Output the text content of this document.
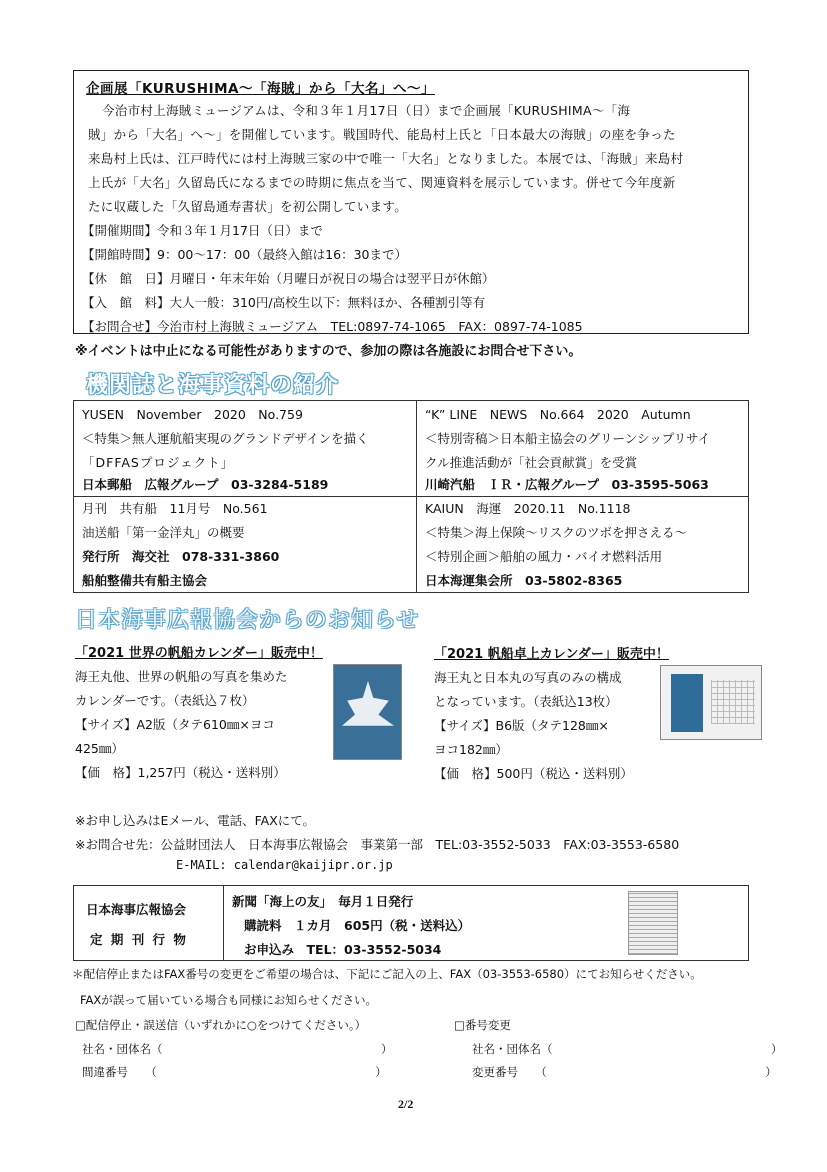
企画展「KURUSHIMA～「海賊」から「大名」へ～」
今治市村上海賊ミュージアムは、令和３年１月17日（日）まで企画展「KURUSHIMA～「海
賊」から「大名」へ～」を開催しています。戦国時代、能島村上氏と「日本最大の海賊」の座を争った
来島村上氏は、江戸時代には村上海賊三家の中で唯一「大名」となりました。本展では、「海賊」来島村
上氏が「大名」久留島氏になるまでの時期に焦点を当て、関連資料を展示しています。併せて今年度新
たに収蔵した「久留島通寿書状」を初公開しています。
【開催期間】令和３年１月17日（日）まで
【開館時間】9：00～17：00（最終入館は16：30まで）
【休　館　日】月曜日・年末年始（月曜日が祝日の場合は翌平日が休館）
【入　館　料】大人一般：310円/高校生以下：無料ほか、各種割引等有
【お問合せ】今治市村上海賊ミュージアム　TEL:0897-74-1065　FAX：0897-74-1085
※イベントは中止になる可能性がありますので、参加の際は各施設にお問合せ下さい。
機関誌と海事資料の紹介
YUSEN　November　2020　No.759
＜特集＞無人運航船実現のグランドデザインを描く
「DFFASプロジェクト」
日本郵船　広報グループ　03-3284-5189
“K” LINE　NEWS　No.664　2020　Autumn
＜特別寄稿＞日本船主協会のグリーンシップリサイ
クル推進活動が「社会貢献賞」を受賞
川崎汽船　ＩＲ・広報グループ　03-3595-5063
月刊　共有船　11月号　No.561
油送船「第一金洋丸」の概要
発行所　海交社　078-331-3860
船舶整備共有船主協会
KAIUN　海運　2020.11　No.1118
＜特集＞海上保険～リスクのツボを押さえる～
＜特別企画＞船舶の風力・バイオ燃料活用
日本海運集会所　03-5802-8365
日本海事広報協会からのお知らせ
「2021 世界の帆船カレンダー」販売中！
海王丸他、世界の帆船の写真を集めた
カレンダーです。（表紙込７枚）
【サイズ】A2版（タテ610㎜×ヨコ
425㎜）
【価　格】1,257円（税込・送料別）
「2021 帆船卓上カレンダー」販売中！
海王丸と日本丸の写真のみの構成
となっています。（表紙込13枚）
【サイズ】B6版（タテ128㎜×
ヨコ182㎜）
【価　格】500円（税込・送料別）
※お申し込みはEメール、電話、FAXにて。
※お問合せ先：公益財団法人　日本海事広報協会　事業第一部　TEL:03-3552-5033　FAX:03-3553-6580
E-MAIL: calendar@kaijipr.or.jp
日本海事広報協会
定 期 刊 行 物
新聞「海上の友」　毎月１日発行
購読料　１カ月　605円（税・送料込）
お申込み　TEL：03-3552-5034
＊配信停止またはFAX番号の変更をご希望の場合は、下記にご記入の上、FAX（03-3553-6580）にてお知らせください。
FAXが誤って届いている場合も同様にお知らせください。
□配信停止・誤送信（いずれかに○をつけてください。）
社名・団体名（　　　　　　　　　　　　　　　　　　　）
間違番号　　（　　　　　　　　　　　　　　　　　　　）
□番号変更
社名・団体名（　　　　　　　　　　　　　　　　　　　）
変更番号　　（　　　　　　　　　　　　　　　　　　　）
2/2
